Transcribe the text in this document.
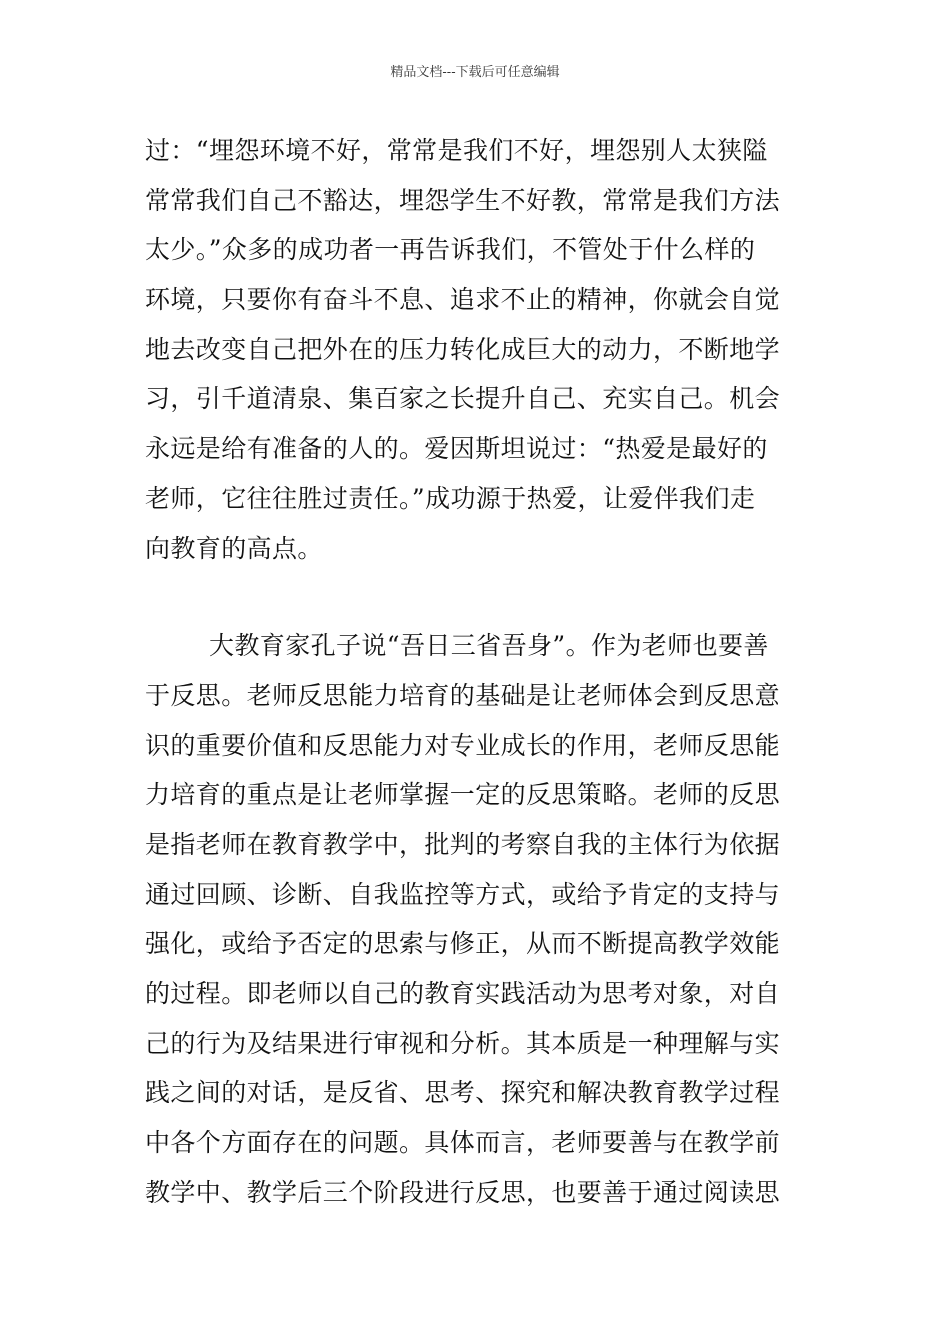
精品文档---下载后可任意编辑
过：“埋怨环境不好，常常是我们不好，埋怨别人太狭隘
常常我们自己不豁达，埋怨学生不好教，常常是我们方法
太少。”众多的成功者一再告诉我们，不管处于什么样的
环境，只要你有奋斗不息、追求不止的精神，你就会自觉
地去改变自己把外在的压力转化成巨大的动力，不断地学
习，引千道清泉、集百家之长提升自己、充实自己。机会
永远是给有准备的人的。爱因斯坦说过：“热爱是最好的
老师，它往往胜过责任。”成功源于热爱，让爱伴我们走
向教育的高点。
大教育家孔子说“吾日三省吾身”。作为老师也要善
于反思。老师反思能力培育的基础是让老师体会到反思意
识的重要价值和反思能力对专业成长的作用，老师反思能
力培育的重点是让老师掌握一定的反思策略。老师的反思
是指老师在教育教学中，批判的考察自我的主体行为依据
通过回顾、诊断、自我监控等方式，或给予肯定的支持与
强化，或给予否定的思索与修正，从而不断提高教学效能
的过程。即老师以自己的教育实践活动为思考对象，对自
己的行为及结果进行审视和分析。其本质是一种理解与实
践之间的对话，是反省、思考、探究和解决教育教学过程
中各个方面存在的问题。具体而言，老师要善与在教学前
教学中、教学后三个阶段进行反思，也要善于通过阅读思
